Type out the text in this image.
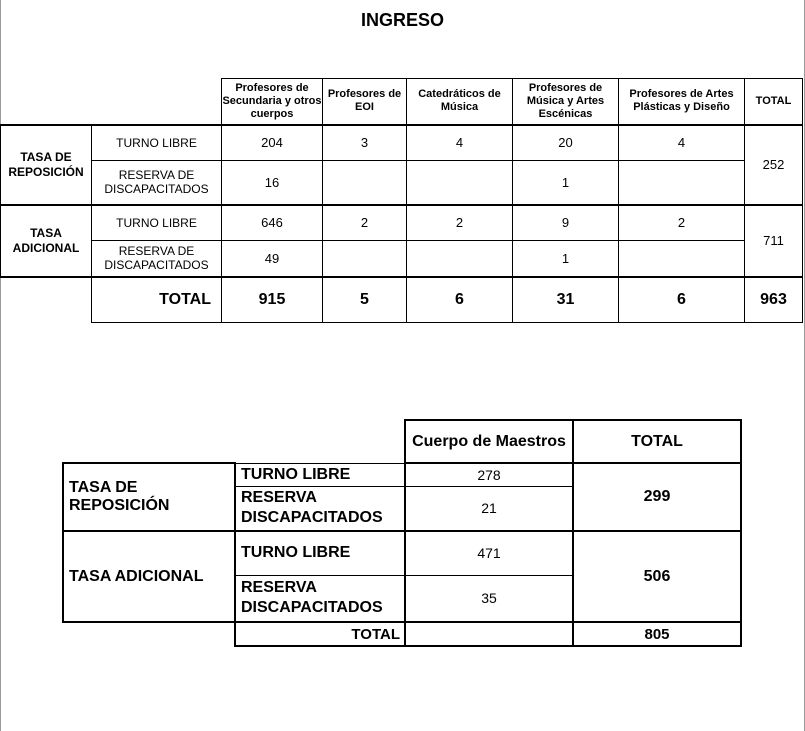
INGRESO
		Profesores de Secundaria y otros cuerpos	Profesores de EOI	Catedráticos de Música	Profesores de Música y Artes Escénicas	Profesores de Artes Plásticas y Diseño	TOTAL
TASA DE REPOSICIÓN	TURNO LIBRE	204	3	4	20	4	252
	RESERVA DE DISCAPACITADOS	16			1		
TASA ADICIONAL	TURNO LIBRE	646	2	2	9	2	711
	RESERVA DE DISCAPACITADOS	49			1		
	TOTAL	915	5	6	31	6	963
		Cuerpo de Maestros	TOTAL
TASA DE REPOSICIÓN	TURNO LIBRE	278	299
	RESERVA DISCAPACITADOS	21	
TASA ADICIONAL	TURNO LIBRE	471	506
	RESERVA DISCAPACITADOS	35	
	TOTAL		805
